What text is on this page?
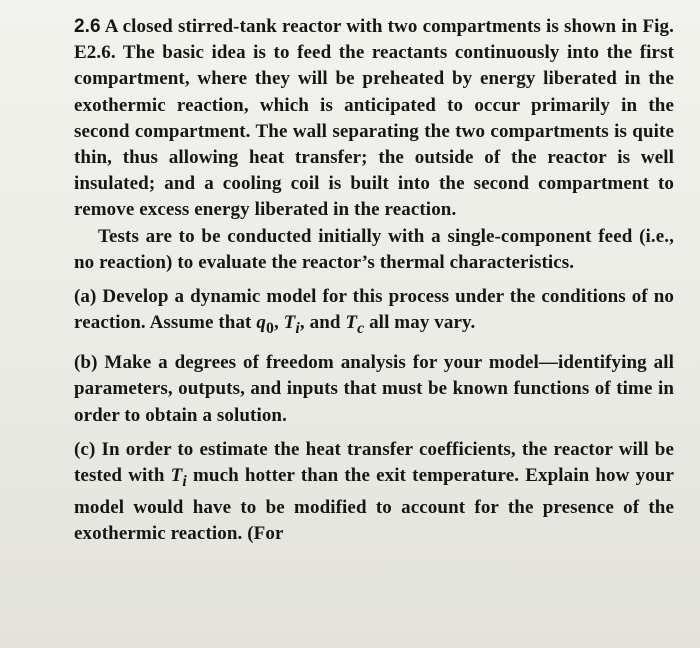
2.6 A closed stirred-tank reactor with two compartments is shown in Fig. E2.6. The basic idea is to feed the reactants continuously into the first compartment, where they will be preheated by energy liberated in the exothermic reaction, which is anticipated to occur primarily in the second compartment. The wall separating the two compartments is quite thin, thus allowing heat transfer; the outside of the reactor is well insulated; and a cooling coil is built into the second compartment to remove excess energy liberated in the reaction.

Tests are to be conducted initially with a single-component feed (i.e., no reaction) to evaluate the reactor’s thermal characteristics.

(a) Develop a dynamic model for this process under the conditions of no reaction. Assume that $q_0$, $T_i$, and $T_c$ all may vary.

(b) Make a degrees of freedom analysis for your model—identifying all parameters, outputs, and inputs that must be known functions of time in order to obtain a solution.

(c) In order to estimate the heat transfer coefficients, the reactor will be tested with $T_i$ much hotter than the exit temperature. Explain how your model would have to be modified to account for the presence of the exothermic reaction. (For
